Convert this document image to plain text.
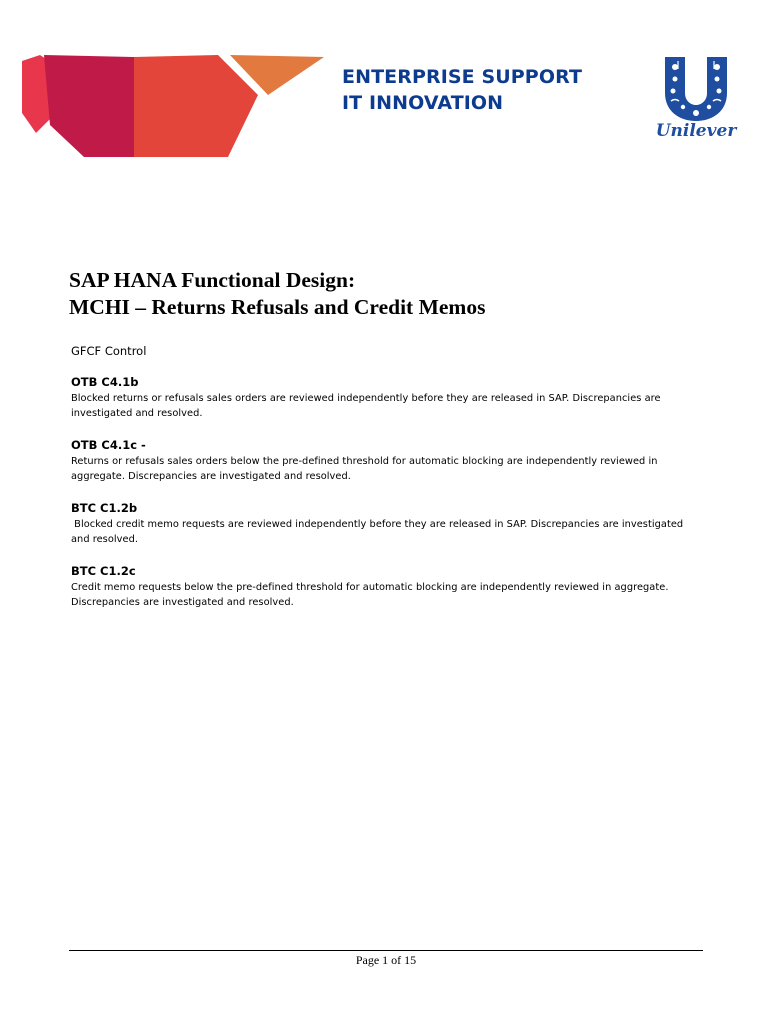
ENTERPRISE SUPPORT
IT INNOVATION
Unilever
SAP HANA Functional Design:
MCHI – Returns Refusals and Credit Memos

GFCF Control

OTB C4.1b

Blocked returns or refusals sales orders are reviewed independently before they are released in SAP. Discrepancies are investigated and resolved.

OTB C4.1c -

Returns or refusals sales orders below the pre-defined threshold for automatic blocking are independently reviewed in aggregate. Discrepancies are investigated and resolved.

BTC C1.2b

Blocked credit memo requests are reviewed independently before they are released in SAP. Discrepancies are investigated and resolved.

BTC C1.2c

Credit memo requests below the pre-defined threshold for automatic blocking are independently reviewed in aggregate. Discrepancies are investigated and resolved.

Page 1 of 15
